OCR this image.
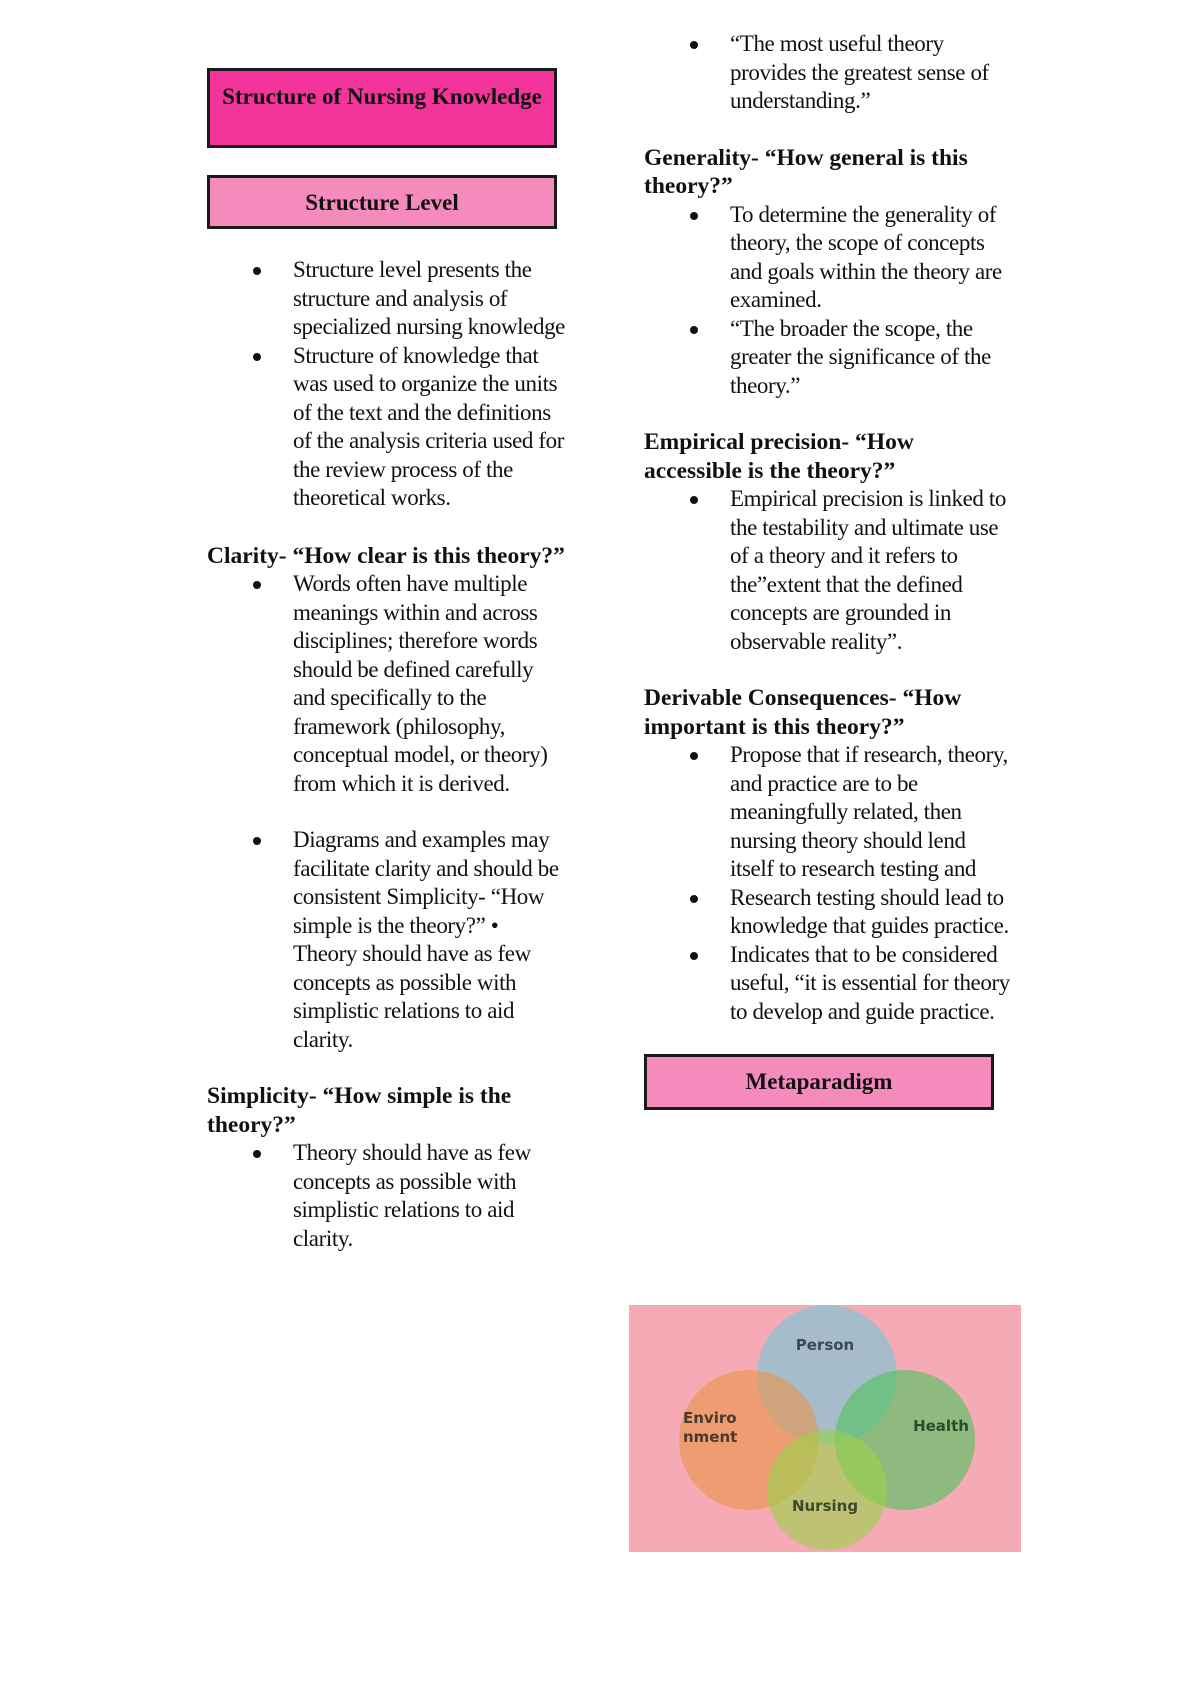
Structure of Nursing Knowledge
Structure Level
Structure level presents the structure and analysis of specialized nursing knowledge
Structure of knowledge that was used to organize the units of the text and the definitions of the analysis criteria used for the review process of the theoretical works.

Clarity- “How clear is this theory?”

Words often have multiple meanings within and across disciplines; therefore words should be defined carefully and specifically to the framework (philosophy, conceptual model, or theory) from which it is derived.
Diagrams and examples may facilitate clarity and should be consistent Simplicity- “How simple is the theory?” • Theory should have as few concepts as possible with simplistic relations to aid clarity.

Simplicity- “How simple is the theory?”

Theory should have as few concepts as possible with simplistic relations to aid clarity.
“The most useful theory provides the greatest sense of understanding.”

Generality- “How general is this theory?”

To determine the generality of theory, the scope of concepts and goals within the theory are examined.
“The broader the scope, the greater the significance of the theory.”

Empirical precision- “How accessible is the theory?”

Empirical precision is linked to the testability and ultimate use of a theory and it refers to the”extent that the defined concepts are grounded in observable reality”.

Derivable Consequences- “How important is this theory?”

Propose that if research, theory, and practice are to be meaningfully related, then nursing theory should lend itself to research testing and
Research testing should lead to knowledge that guides practice.
Indicates that to be considered useful, “it is essential for theory to develop and guide practice.
Metaparadigm
Person
Enviro
nment
Health
Nursing
